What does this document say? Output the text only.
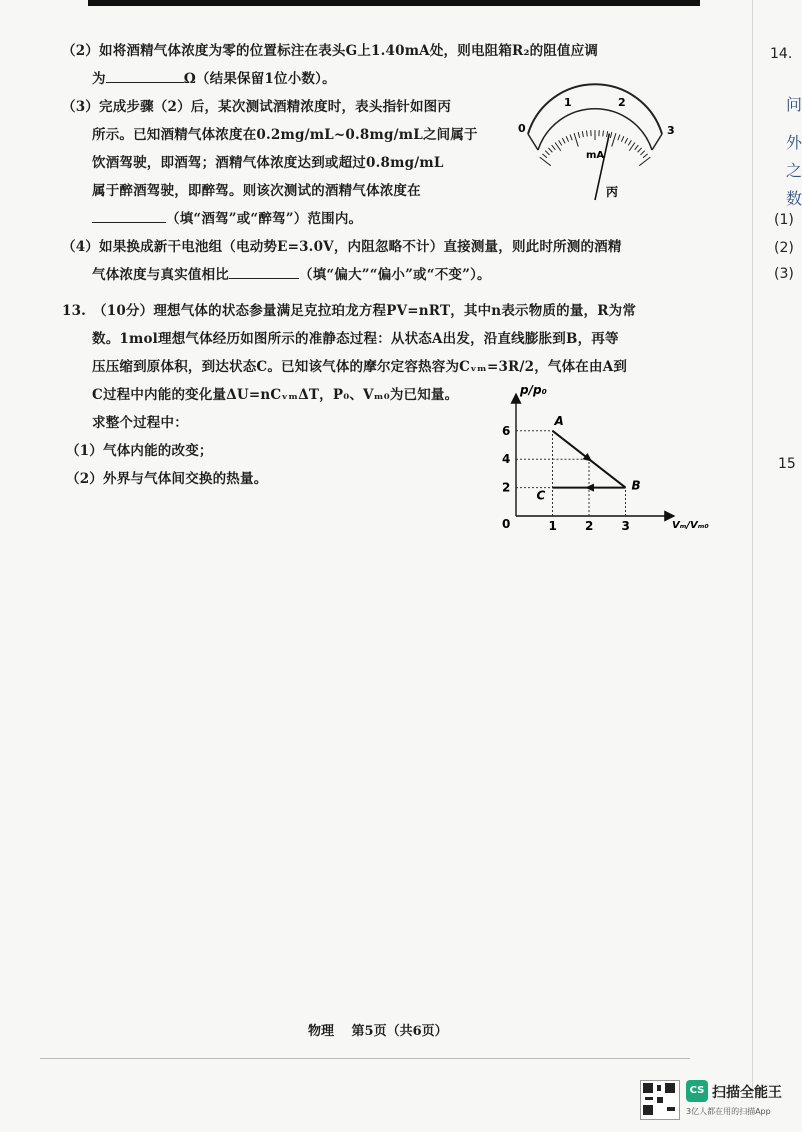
（2）如将酒精气体浓度为零的位置标注在表头G上1.40mA处，则电阻箱R₂的阻值应调
为	Ω（结果保留1位小数）。
（3）完成步骤（2）后，某次测试酒精浓度时，表头指针如图丙
所示。已知酒精气体浓度在0.2mg/mL~0.8mg/mL之间属于
饮酒驾驶，即酒驾；酒精气体浓度达到或超过0.8mg/mL
属于醉酒驾驶，即醉驾。则该次测试的酒精气体浓度在
（填“酒驾”或“醉驾”）范围内。
（4）如果换成新干电池组（电动势E=3.0V，内阻忽略不计）直接测量，则此时所测的酒精
气体浓度与真实值相比	（填“偏大”“偏小”或“不变”）。
0
1	2
3
mA
丙
13.　（10分）理想气体的状态参量满足克拉珀龙方程PV=nRT，其中n表示物质的量，R为常
数。1mol理想气体经历如图所示的准静态过程：从状态A出发，沿直线膨胀到B，再等
压压缩到原体积，到达状态C。已知该气体的摩尔定容热容为Cᵥₘ=3R/2，气体在由A到
C过程中内能的变化量ΔU=nCᵥₘΔT，P₀、Vₘ₀为已知量。
求整个过程中：
（1）气体内能的改变；
（2）外界与气体间交换的热量。
p/p₀
Vₘ/Vₘ₀
0
2
4
6
1 2 3
A
B
C
14.
问
外
之
数
(1)
(2)
(3)
15
物理　 第5页（共6页）
CS 扫描全能王
3亿人都在用的扫描App
